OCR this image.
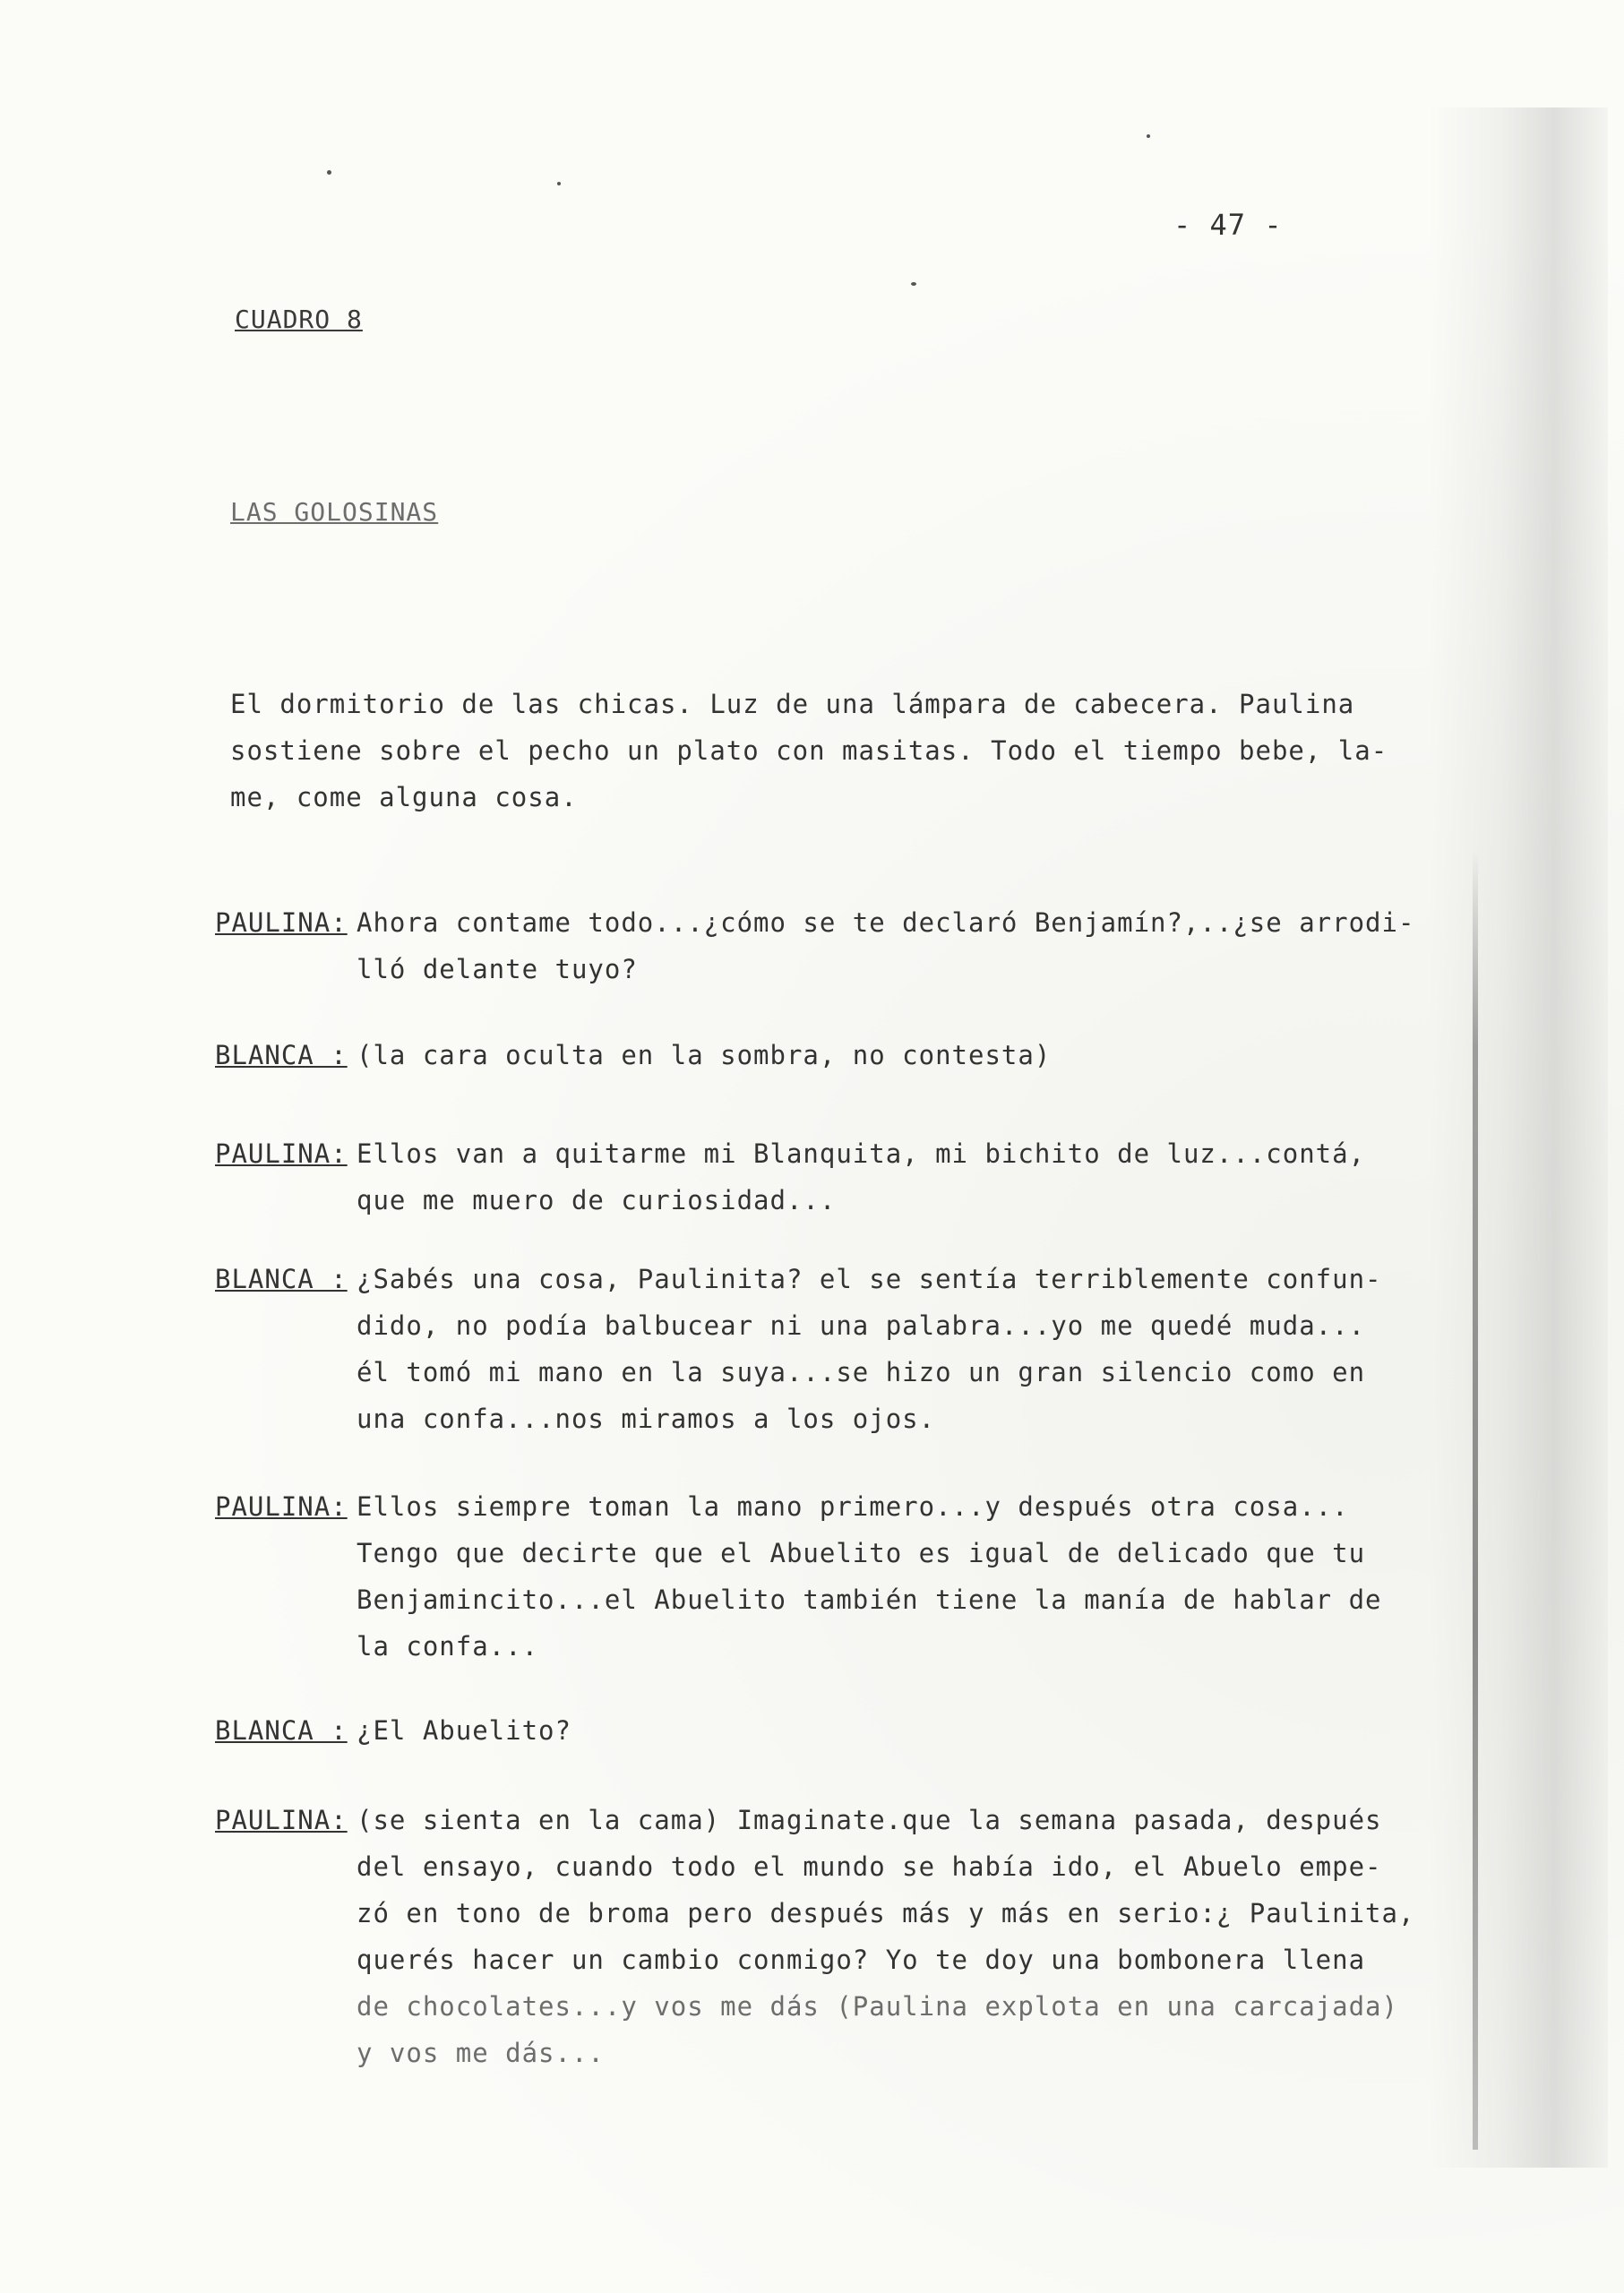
- 47 -
CUADRO 8
LAS GOLOSINAS
El dormitorio de las chicas. Luz de una lámpara de cabecera. Paulina
sostiene sobre el pecho un plato con masitas. Todo el tiempo bebe, la-
me, come alguna cosa.
PAULINA: Ahora contame todo...¿cómo se te declaró Benjamín?,..¿se arrodi-
lló delante tuyo?
BLANCA : (la cara oculta en la sombra, no contesta)
PAULINA: Ellos van a quitarme mi Blanquita, mi bichito de luz...contá,
que me muero de curiosidad...
BLANCA : ¿Sabés una cosa, Paulinita? el se sentía terriblemente confun-
dido, no podía balbucear ni una palabra...yo me quedé muda...
él tomó mi mano en la suya...se hizo un gran silencio como en
una confa...nos miramos a los ojos.
PAULINA: Ellos siempre toman la mano primero...y después otra cosa...
Tengo que decirte que el Abuelito es igual de delicado que tu
Benjamincito...el Abuelito también tiene la manía de hablar de
la confa...
BLANCA : ¿El Abuelito?
PAULINA: (se sienta en la cama) Imaginate.que la semana pasada, después
del ensayo, cuando todo el mundo se había ido, el Abuelo empe-
zó en tono de broma pero después más y más en serio:¿ Paulinita,
querés hacer un cambio conmigo? Yo te doy una bombonera llena
de chocolates...y vos me dás (Paulina explota en una carcajada)
y vos me dás...
